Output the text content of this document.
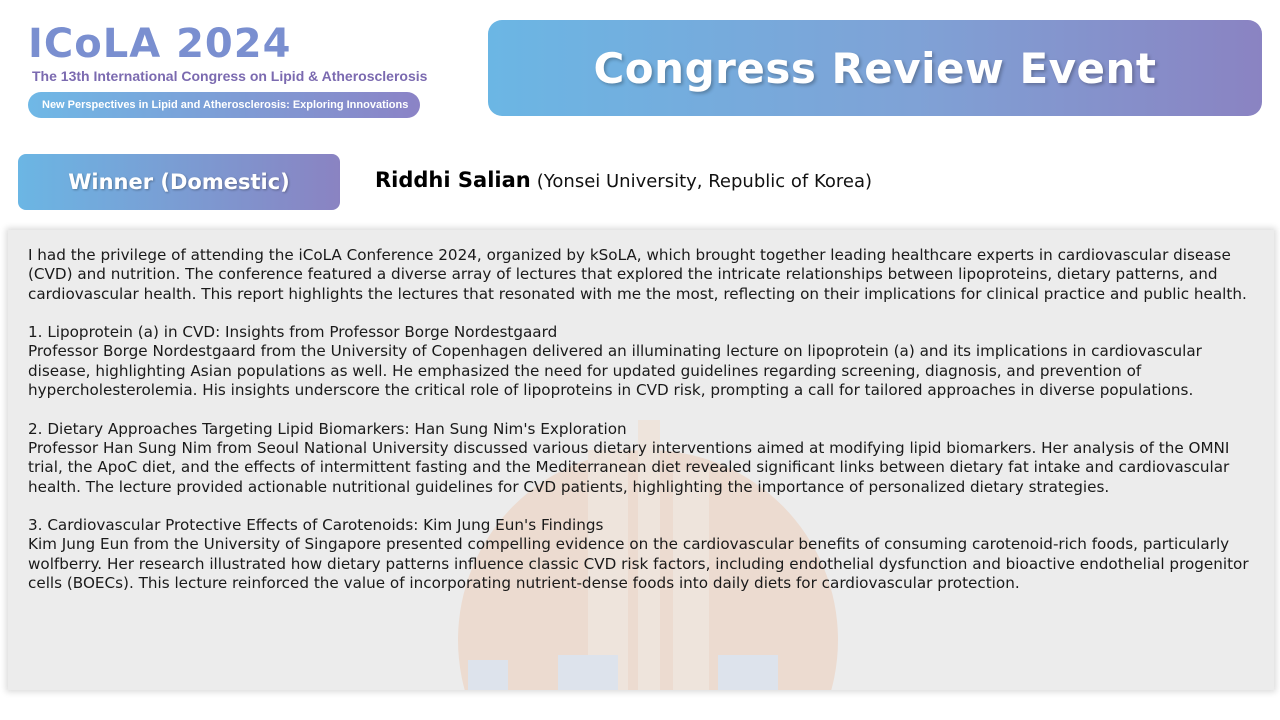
ICoLA 2024
The 13th International Congress on Lipid & Atherosclerosis
New Perspectives in Lipid and Atherosclerosis: Exploring Innovations
Congress Review Event
Winner (Domestic)	Riddhi Salian (Yonsei University, Republic of Korea)

I had the privilege of attending the iCoLA Conference 2024, organized by kSoLA, which brought together leading healthcare experts in cardiovascular disease (CVD) and nutrition. The conference featured a diverse array of lectures that explored the intricate relationships between lipoproteins, dietary patterns, and cardiovascular health. This report highlights the lectures that resonated with me the most, reflecting on their implications for clinical practice and public health.

1. Lipoprotein (a) in CVD: Insights from Professor Borge Nordestgaard
Professor Borge Nordestgaard from the University of Copenhagen delivered an illuminating lecture on lipoprotein (a) and its implications in cardiovascular disease, highlighting Asian populations as well. He emphasized the need for updated guidelines regarding screening, diagnosis, and prevention of hypercholesterolemia. His insights underscore the critical role of lipoproteins in CVD risk, prompting a call for tailored approaches in diverse populations.

2. Dietary Approaches Targeting Lipid Biomarkers: Han Sung Nim's Exploration
Professor Han Sung Nim from Seoul National University discussed various dietary interventions aimed at modifying lipid biomarkers. Her analysis of the OMNI trial, the ApoC diet, and the effects of intermittent fasting and the Mediterranean diet revealed significant links between dietary fat intake and cardiovascular health. The lecture provided actionable nutritional guidelines for CVD patients, highlighting the importance of personalized dietary strategies.

3. Cardiovascular Protective Effects of Carotenoids: Kim Jung Eun's Findings
Kim Jung Eun from the University of Singapore presented compelling evidence on the cardiovascular benefits of consuming carotenoid-rich foods, particularly wolfberry. Her research illustrated how dietary patterns influence classic CVD risk factors, including endothelial dysfunction and bioactive endothelial progenitor cells (BOECs). This lecture reinforced the value of incorporating nutrient-dense foods into daily diets for cardiovascular protection.
